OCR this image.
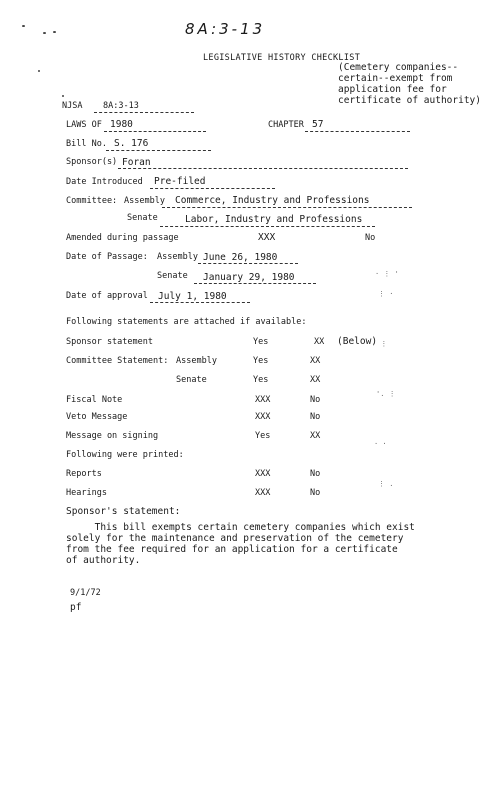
8A:3-13
LEGISLATIVE HISTORY CHECKLIST
(Cemetery companies--
certain--exempt from
application fee for
certificate of authority)
NJSA 8A:3-13
LAWS OF 1980	CHAPTER 57
Bill No. S. 176
Sponsor(s) Foran
Date Introduced Pre-filed
Committee: Assembly Commerce, Industry and Professions
Senate	Labor, Industry and Professions
Amended during passage	XXX	No
Date of Passage: Assembly June 26, 1980
Senate January 29, 1980
Date of approval July 1, 1980
· ⋮ '
⋮ ·
· ⋮
'. ⋮
· ·
⋮ .
Following statements are attached if available:
Sponsor statement	Yes	XX (Below)
Committee Statement: Assembly	Yes	XX
Senate	Yes	XX
Fiscal Note	XXX	No
Veto Message	XXX	No
Message on signing	Yes	XX
Following were printed:
Reports	XXX	No
Hearings	XXX	No
Sponsor's statement:
This bill exempts certain cemetery companies which exist
solely for the maintenance and preservation of the cemetery
from the fee required for an application for a certificate
of authority.
9/1/72
pf
